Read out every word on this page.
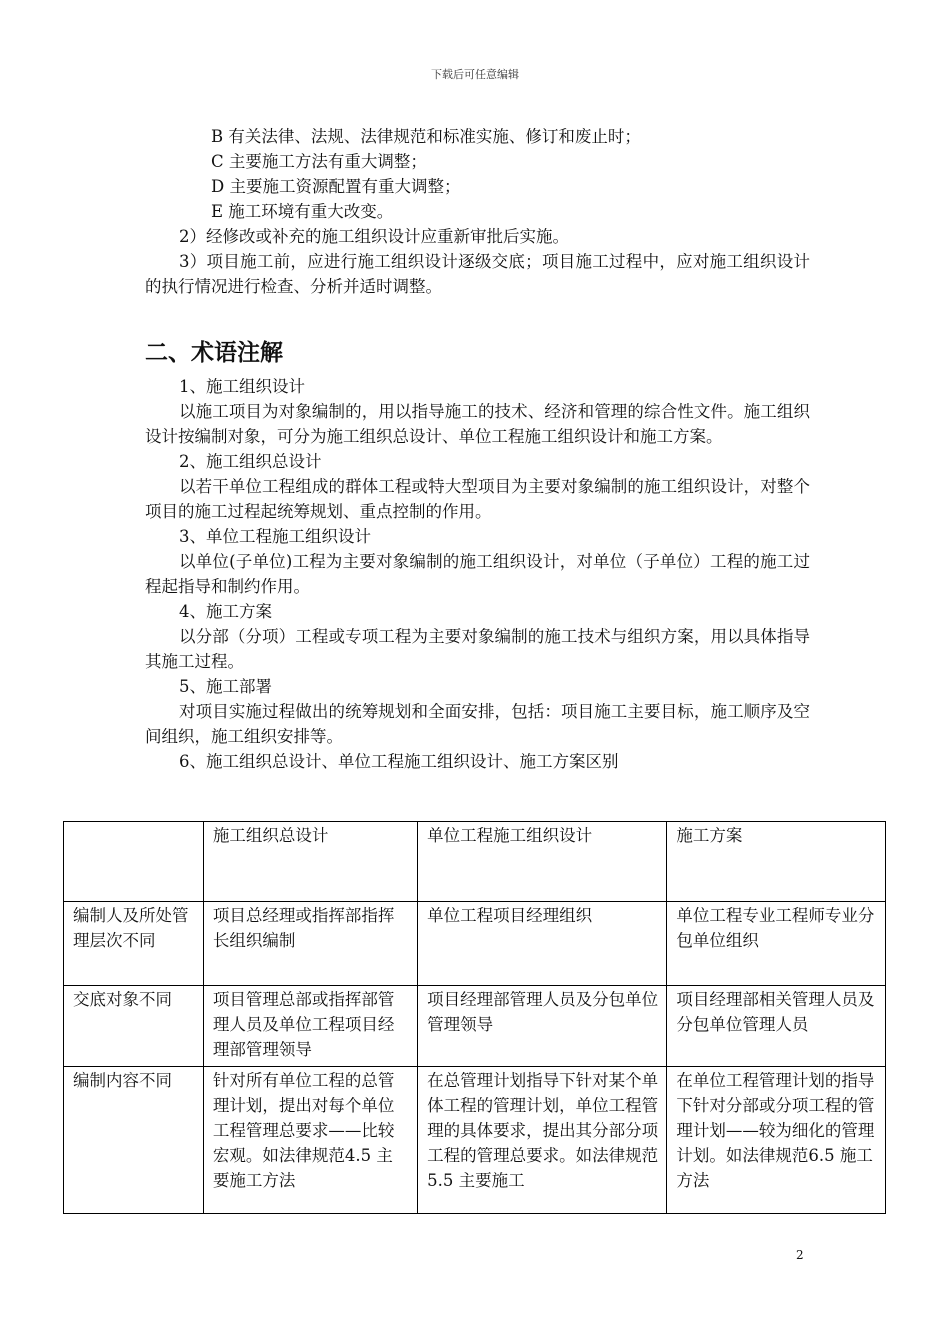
下载后可任意编辑
B 有关法律、法规、法律规范和标准实施、修订和废止时；
C 主要施工方法有重大调整；
D 主要施工资源配置有重大调整；
E 施工环境有重大改变。
2）经修改或补充的施工组织设计应重新审批后实施。
3）项目施工前，应进行施工组织设计逐级交底；项目施工过程中，应对施工组织设计的执行情况进行检查、分析并适时调整。
二、术语注解
1、施工组织设计
以施工项目为对象编制的，用以指导施工的技术、经济和管理的综合性文件。施工组织设计按编制对象，可分为施工组织总设计、单位工程施工组织设计和施工方案。
2、施工组织总设计
以若干单位工程组成的群体工程或特大型项目为主要对象编制的施工组织设计，对整个项目的施工过程起统筹规划、重点控制的作用。
3、单位工程施工组织设计
以单位(子单位)工程为主要对象编制的施工组织设计，对单位（子单位）工程的施工过程起指导和制约作用。
4、施工方案
以分部（分项）工程或专项工程为主要对象编制的施工技术与组织方案，用以具体指导其施工过程。
5、施工部署
对项目实施过程做出的统筹规划和全面安排，包括：项目施工主要目标，施工顺序及空间组织，施工组织安排等。
6、施工组织总设计、单位工程施工组织设计、施工方案区别
	施工组织总设计	单位工程施工组织设计	施工方案
编制人及所处管理层次不同	项目总经理或指挥部指挥长组织编制	单位工程项目经理组织	单位工程专业工程师专业分包单位组织
交底对象不同	项目管理总部或指挥部管理人员及单位工程项目经理部管理领导	项目经理部管理人员及分包单位管理领导	项目经理部相关管理人员及分包单位管理人员
编制内容不同	针对所有单位工程的总管理计划，提出对每个单位工程管理总要求——比较宏观。如法律规范4.5 主要施工方法	在总管理计划指导下针对某个单体工程的管理计划，单位工程管理的具体要求，提出其分部分项工程的管理总要求。如法律规范5.5 主要施工	在单位工程管理计划的指导下针对分部或分项工程的管理计划——较为细化的管理计划。如法律规范6.5 施工方法
2
